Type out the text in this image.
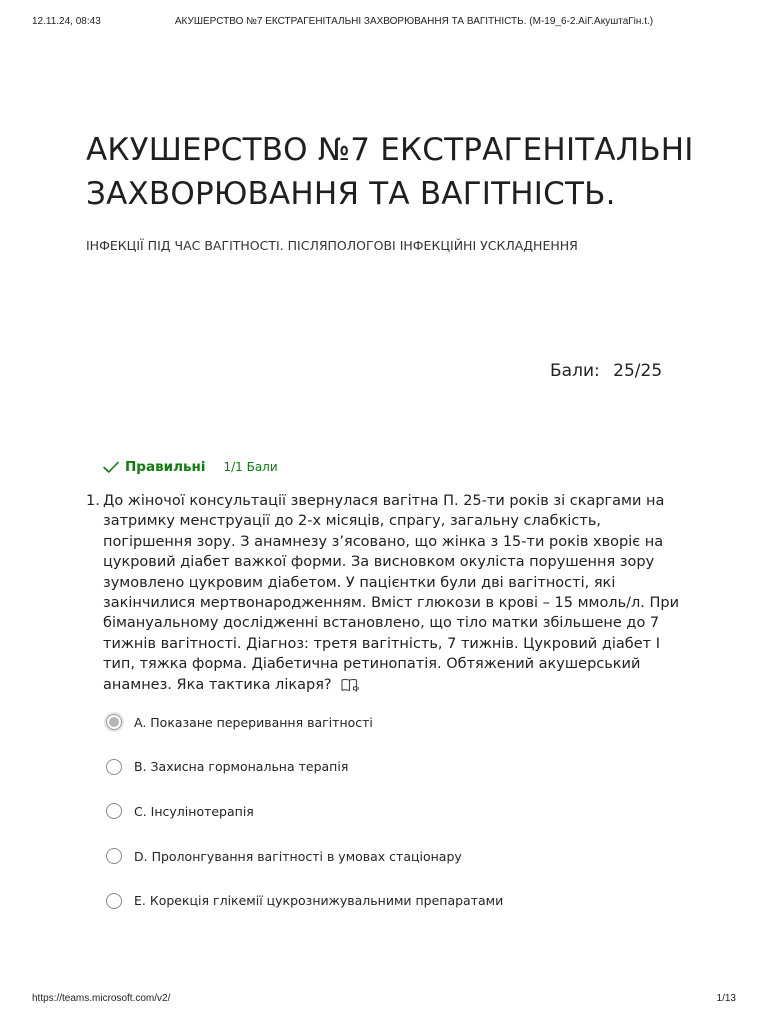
12.11.24, 08:43	АКУШЕРСТВО №7 ЕКСТРАГЕНІТАЛЬНІ ЗАХВОРЮВАННЯ ТА ВАГІТНІСТЬ. (М-19_6-2.АіГ.АкуштаГін.t.)
АКУШЕРСТВО №7 ЕКСТРАГЕНІТАЛЬНІ ЗАХВОРЮВАННЯ ТА ВАГІТНІСТЬ.

ІНФЕКЦІЇ ПІД ЧАС ВАГІТНОСТІ. ПІСЛЯПОЛОГОВІ ІНФЕКЦІЙНІ УСКЛАДНЕННЯ

Бали: 25/25
Правильні 1/1 Бали
1. До жіночої консультації звернулася вагітна П. 25-ти років зі скаргами на затримку менструації до 2-х місяців, спрагу, загальну слабкість, погіршення зору. З анамнезу з’ясовано, що жінка з 15-ти років хворіє на цукровий діабет важкої форми. За висновком окуліста порушення зору зумовлено цукровим діабетом. У пацієнтки були дві вагітності, які закінчилися мертвонародженням. Вміст глюкози в крові – 15 ммоль/л. При бімануальному дослідженні встановлено, що тіло матки збільшене до 7 тижнів вагітності. Діагноз: третя вагітність, 7 тижнів. Цукровий діабет І тип, тяжка форма. Діабетична ретинопатія. Обтяжений акушерський анамнез. Яка тактика лікаря?

A. Показане переривання вагітності
B. Захисна гормональна терапія
C. Інсулінотерапія
D. Пролонгування вагітності в умовах стаціонару
E. Корекція глікемії цукрознижувальними препаратами
https://teams.microsoft.com/v2/	1/13
